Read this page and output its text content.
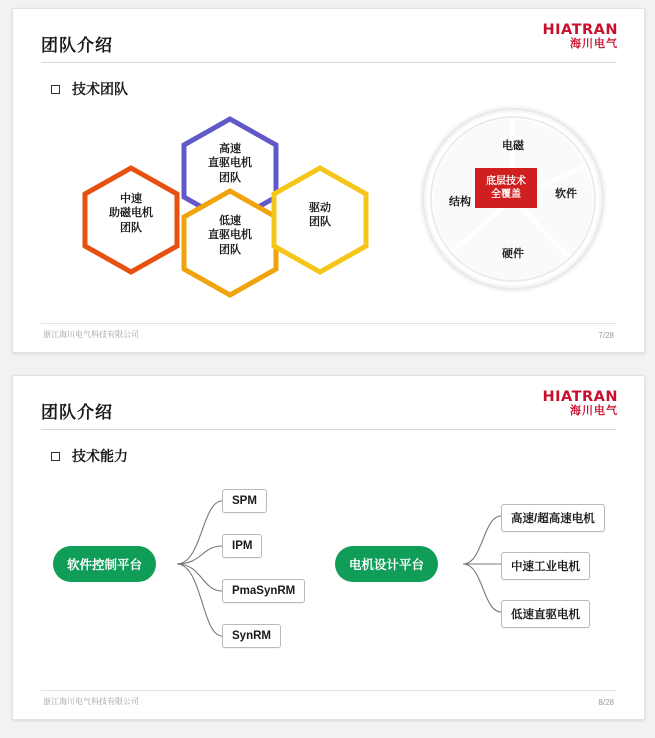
团队介绍
HIATRAN
海川电气
技术团队
高速
直驱电机
团队
中速
助磁电机
团队
低速
直驱电机
团队
驱动
团队
电磁
软件
硬件
结构
底层技术
全覆盖
浙江海川电气科技有限公司	7/28
团队介绍
HIATRAN
海川电气
技术能力
软件控制平台
SPM
IPM
PmaSynRM
SynRM
电机设计平台
高速/超高速电机
中速工业电机
低速直驱电机
浙江海川电气科技有限公司	8/28
